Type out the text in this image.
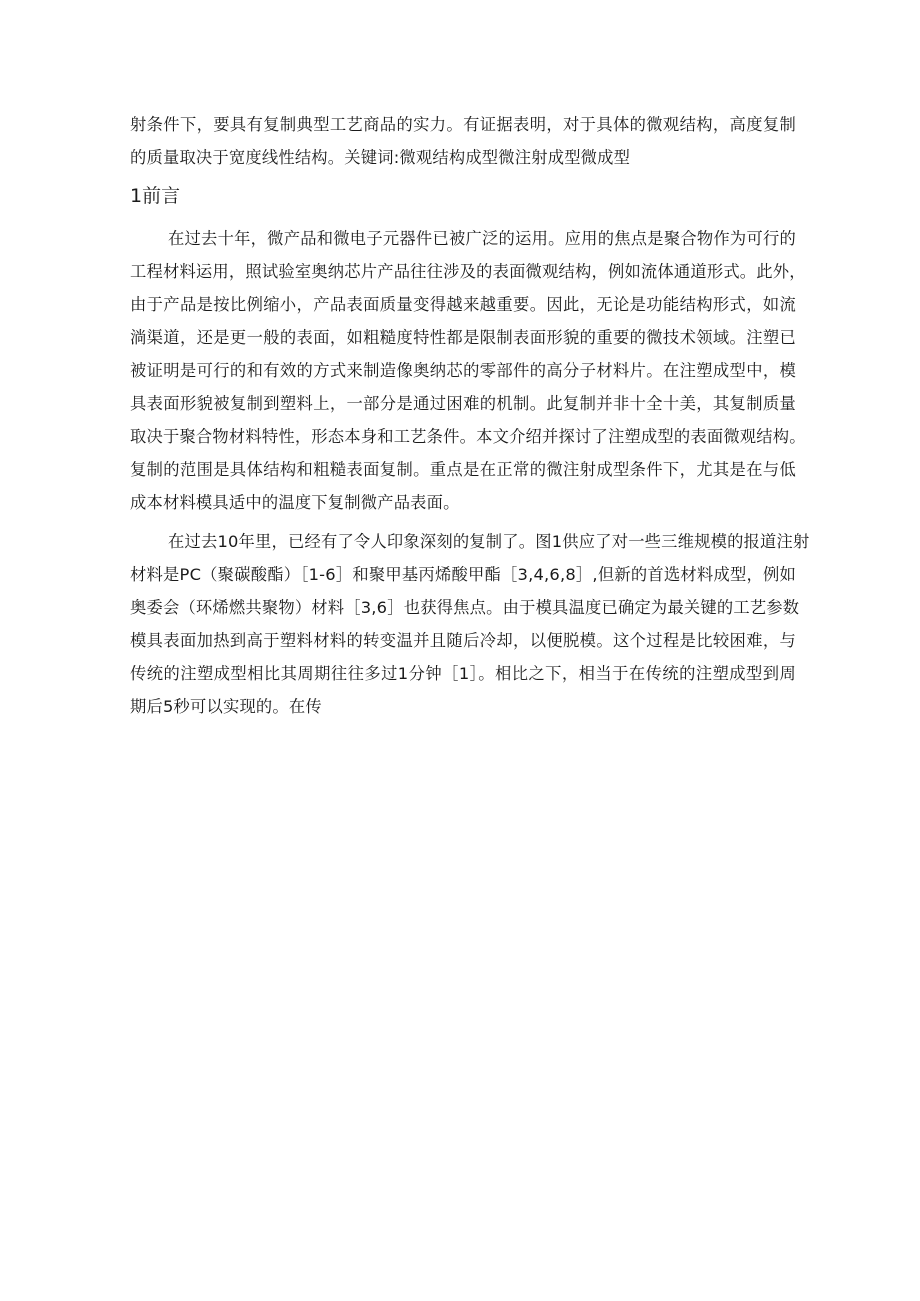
射条件下，要具有复制典型工艺商品的实力。有证据表明，对于具体的微观结构，高度复制
的质量取决于宽度线性结构。关键词:微观结构成型微注射成型微成型
1前言
在过去十年，微产品和微电子元器件已被广泛的运用。应用的焦点是聚合物作为可行的
工程材料运用，照试验室奥纳芯片产品往往涉及的表面微观结构，例如流体通道形式。此外，
由于产品是按比例缩小，产品表面质量变得越来越重要。因此，无论是功能结构形式，如流
淌渠道，还是更一般的表面，如粗糙度特性都是限制表面形貌的重要的微技术领域。注塑已
被证明是可行的和有效的方式来制造像奥纳芯的零部件的高分子材料片。在注塑成型中，模
具表面形貌被复制到塑料上，一部分是通过困难的机制。此复制并非十全十美，其复制质量
取决于聚合物材料特性，形态本身和工艺条件。本文介绍并探讨了注塑成型的表面微观结构。
复制的范围是具体结构和粗糙表面复制。重点是在正常的微注射成型条件下，尤其是在与低
成本材料模具适中的温度下复制微产品表面。
在过去10年里，已经有了令人印象深刻的复制了。图1供应了对一些三维规模的报道注射
材料是PC（聚碳酸酯）［1-6］和聚甲基丙烯酸甲酯［3,4,6,8］,但新的首选材料成型，例如
奥委会（环烯燃共聚物）材料［3,6］也获得焦点。由于模具温度已确定为最关键的工艺参数
模具表面加热到高于塑料材料的转变温并且随后冷却，以便脱模。这个过程是比较困难，与
传统的注塑成型相比其周期往往多过1分钟［1］。相比之下，相当于在传统的注塑成型到周
期后5秒可以实现的。在传
